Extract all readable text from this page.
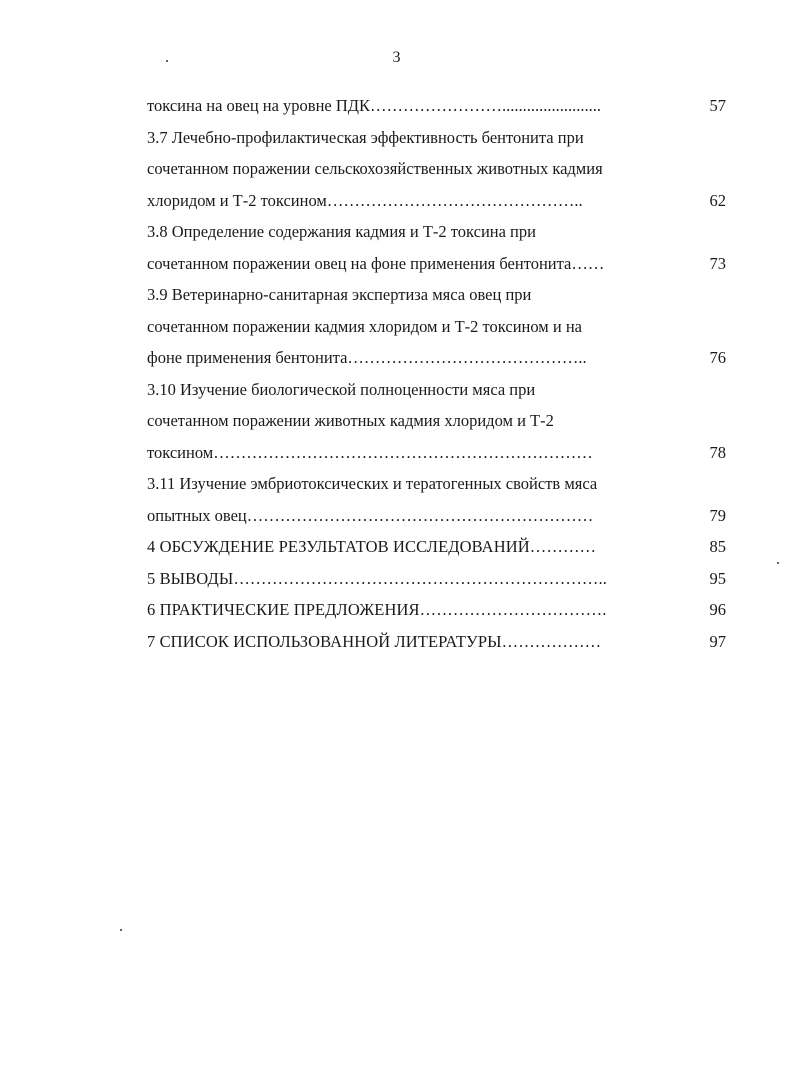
3
токсина на овец на уровне ПДК……………………........................	57
3.7 Лечебно-профилактическая эффективность бентонита при
сочетанном поражении сельскохозяйственных животных кадмия
хлоридом и Т-2 токсином………………………………………..	62
3.8 Определение содержания кадмия и Т-2 токсина при
сочетанном поражении овец на фоне применения бентонита……	73
3.9 Ветеринарно-санитарная экспертиза мяса овец при
сочетанном поражении кадмия хлоридом и Т-2 токсином и на
фоне применения бентонита……………………………………..	76
3.10 Изучение биологической полноценности мяса при
сочетанном поражении животных кадмия хлоридом и Т-2
токсином……………………………………………………………	78
3.11 Изучение эмбриотоксических и тератогенных свойств мяса
опытных овец………………………………………………………	79
4 ОБСУЖДЕНИЕ РЕЗУЛЬТАТОВ ИССЛЕДОВАНИЙ…………	85
5 ВЫВОДЫ…………………………………………………………..	95
6 ПРАКТИЧЕСКИЕ ПРЕДЛОЖЕНИЯ…………………………….	96
7 СПИСОК ИСПОЛЬЗОВАННОЙ ЛИТЕРАТУРЫ………………	97
